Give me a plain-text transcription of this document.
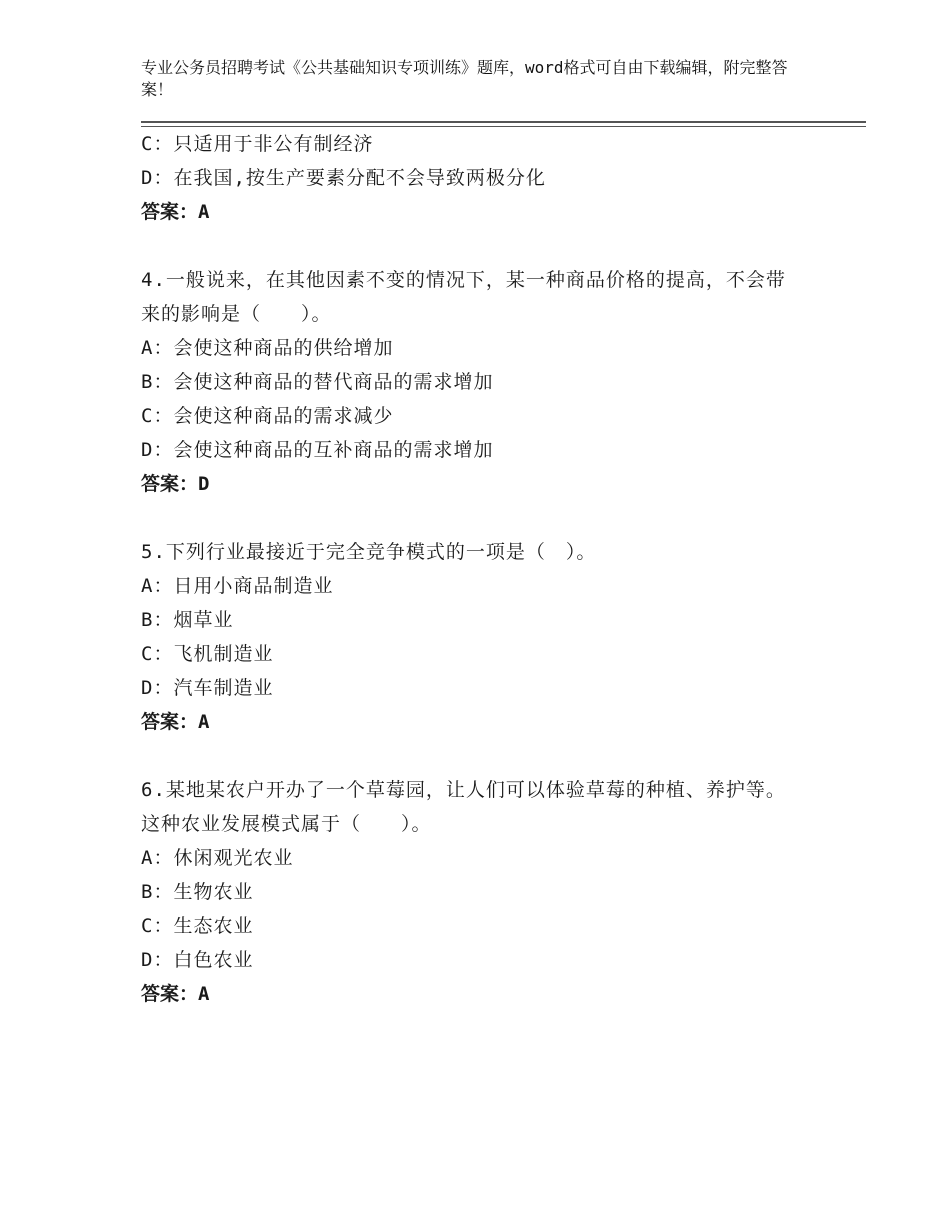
专业公务员招聘考试《公共基础知识专项训练》题库，word格式可自由下载编辑，附完整答案！
C：只适用于非公有制经济
D：在我国,按生产要素分配不会导致两极分化
答案：A
4.一般说来，在其他因素不变的情况下，某一种商品价格的提高，不会带来的影响是（　　）。
A：会使这种商品的供给增加
B：会使这种商品的替代商品的需求增加
C：会使这种商品的需求减少
D：会使这种商品的互补商品的需求增加
答案：D
5.下列行业最接近于完全竞争模式的一项是（　）。
A：日用小商品制造业
B：烟草业
C：飞机制造业
D：汽车制造业
答案：A
6.某地某农户开办了一个草莓园，让人们可以体验草莓的种植、养护等。这种农业发展模式属于（　　）。
A：休闲观光农业
B：生物农业
C：生态农业
D：白色农业
答案：A
